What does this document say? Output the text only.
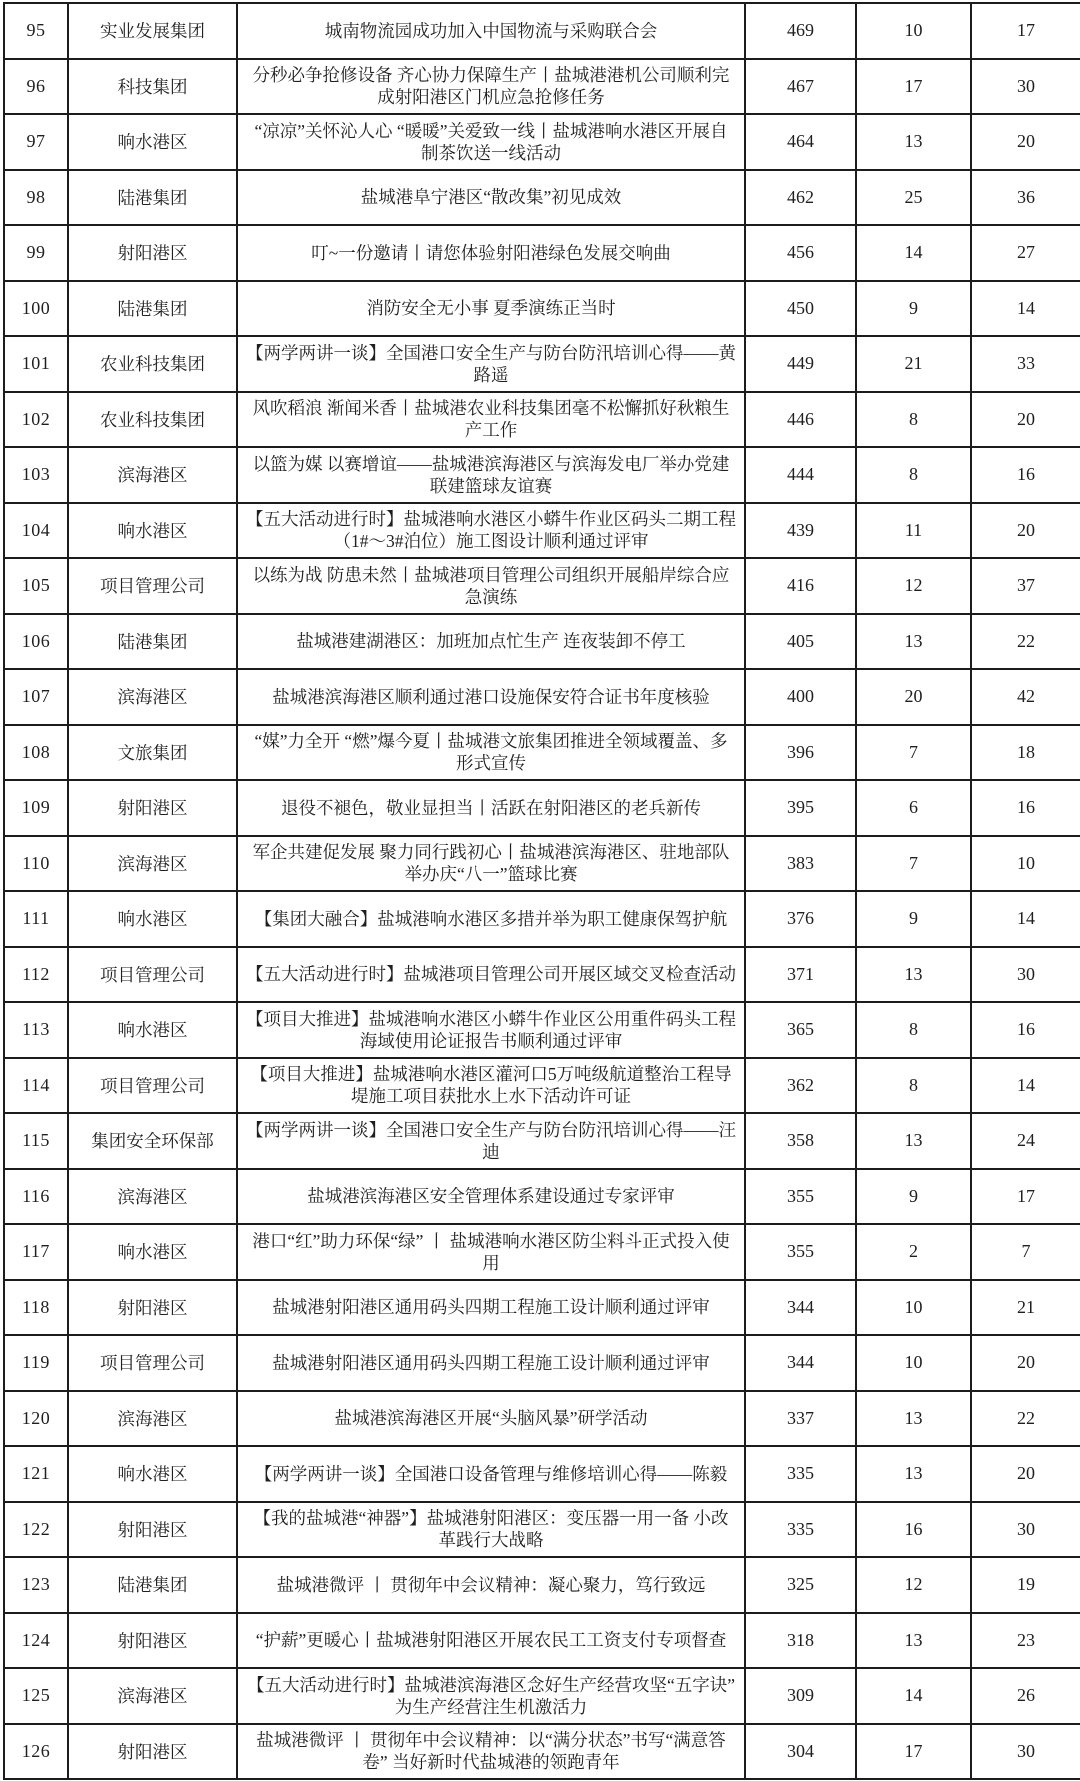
95	实业发展集团	城南物流园成功加入中国物流与采购联合会	469	10	17
96	科技集团	分秒必争抢修设备 齐心协力保障生产丨盐城港港机公司顺利完成射阳港区门机应急抢修任务	467	17	30
97	响水港区	“凉凉”关怀沁人心 “暖暖”关爱致一线丨盐城港响水港区开展自制茶饮送一线活动	464	13	20
98	陆港集团	盐城港阜宁港区“散改集”初见成效	462	25	36
99	射阳港区	叮~一份邀请丨请您体验射阳港绿色发展交响曲	456	14	27
100	陆港集团	消防安全无小事 夏季演练正当时	450	9	14
101	农业科技集团	【两学两讲一谈】全国港口安全生产与防台防汛培训心得——黄路遥	449	21	33
102	农业科技集团	风吹稻浪 渐闻米香丨盐城港农业科技集团毫不松懈抓好秋粮生产工作	446	8	20
103	滨海港区	以篮为媒 以赛增谊——盐城港滨海港区与滨海发电厂举办党建联建篮球友谊赛	444	8	16
104	响水港区	【五大活动进行时】盐城港响水港区小蟒牛作业区码头二期工程（1#～3#泊位）施工图设计顺利通过评审	439	11	20
105	项目管理公司	以练为战 防患未然丨盐城港项目管理公司组织开展船岸综合应急演练	416	12	37
106	陆港集团	盐城港建湖港区：加班加点忙生产 连夜装卸不停工	405	13	22
107	滨海港区	盐城港滨海港区顺利通过港口设施保安符合证书年度核验	400	20	42
108	文旅集团	“媒”力全开 “燃”爆今夏丨盐城港文旅集团推进全领域覆盖、多形式宣传	396	7	18
109	射阳港区	退役不褪色，敬业显担当丨活跃在射阳港区的老兵新传	395	6	16
110	滨海港区	军企共建促发展 聚力同行践初心丨盐城港滨海港区、驻地部队举办庆“八一”篮球比赛	383	7	10
111	响水港区	【集团大融合】盐城港响水港区多措并举为职工健康保驾护航	376	9	14
112	项目管理公司	【五大活动进行时】盐城港项目管理公司开展区域交叉检查活动	371	13	30
113	响水港区	【项目大推进】盐城港响水港区小蟒牛作业区公用重件码头工程海域使用论证报告书顺利通过评审	365	8	16
114	项目管理公司	【项目大推进】盐城港响水港区灌河口5万吨级航道整治工程导堤施工项目获批水上水下活动许可证	362	8	14
115	集团安全环保部	【两学两讲一谈】全国港口安全生产与防台防汛培训心得——汪迪	358	13	24
116	滨海港区	盐城港滨海港区安全管理体系建设通过专家评审	355	9	17
117	响水港区	港口“红”助力环保“绿” 丨 盐城港响水港区防尘料斗正式投入使用	355	2	7
118	射阳港区	盐城港射阳港区通用码头四期工程施工设计顺利通过评审	344	10	21
119	项目管理公司	盐城港射阳港区通用码头四期工程施工设计顺利通过评审	344	10	20
120	滨海港区	盐城港滨海港区开展“头脑风暴”研学活动	337	13	22
121	响水港区	【两学两讲一谈】全国港口设备管理与维修培训心得——陈毅	335	13	20
122	射阳港区	【我的盐城港“神器”】盐城港射阳港区：变压器一用一备 小改革践行大战略	335	16	30
123	陆港集团	盐城港微评 丨 贯彻年中会议精神：凝心聚力，笃行致远	325	12	19
124	射阳港区	“护薪”更暖心丨盐城港射阳港区开展农民工工资支付专项督查	318	13	23
125	滨海港区	【五大活动进行时】盐城港滨海港区念好生产经营攻坚“五字诀” 为生产经营注生机激活力	309	14	26
126	射阳港区	盐城港微评 丨 贯彻年中会议精神：以“满分状态”书写“满意答卷” 当好新时代盐城港的领跑青年	304	17	30
